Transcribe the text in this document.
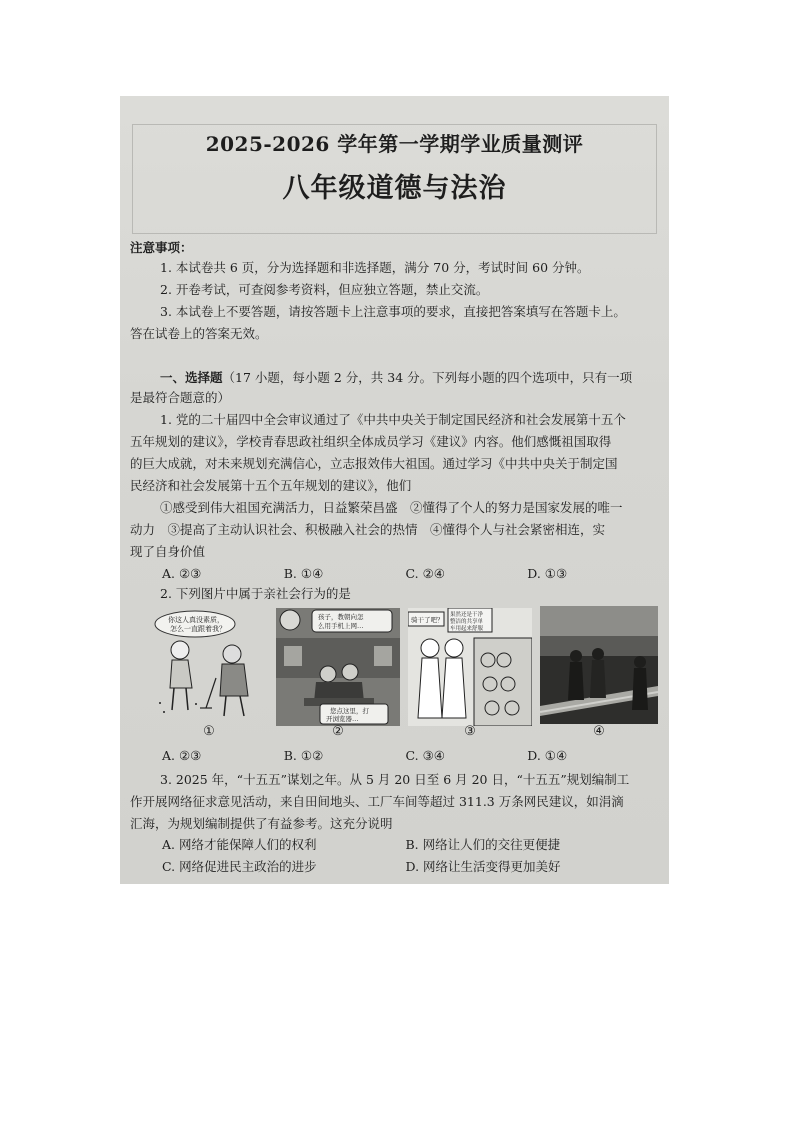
2025-2026 学年第一学期学业质量测评
八年级道德与法治
注意事项：
1. 本试卷共 6 页，分为选择题和非选择题，满分 70 分，考试时间 60 分钟。
2. 开卷考试，可查阅参考资料，但应独立答题，禁止交流。
3. 本试卷上不要答题，请按答题卡上注意事项的要求，直接把答案填写在答题卡上。
答在试卷上的答案无效。
一、选择题（17 小题，每小题 2 分，共 34 分。下列每小题的四个选项中，只有一项
是最符合题意的）
1. 党的二十届四中全会审议通过了《中共中央关于制定国民经济和社会发展第十五个
五年规划的建议》，学校青春思政社组织全体成员学习《建议》内容。他们感慨祖国取得
的巨大成就，对未来规划充满信心，立志报效伟大祖国。通过学习《中共中央关于制定国
民经济和社会发展第十五个五年规划的建议》，他们
①感受到伟大祖国充满活力，日益繁荣昌盛　②懂得了个人的努力是国家发展的唯一
动力　③提高了主动认识社会、积极融入社会的热情　④懂得个人与社会紧密相连，实
现了自身价值
A. ②③	B. ①④	C. ②④	D. ①③
2. 下列图片中属于亲社会行为的是
你这人真没素质，
怎么一直跟着我？
①
孩子，教朝向怎
么用手机上网…
您点这里，打
开浏览器…
②
骑干了吧？
果然还是干净
整洁的共享单
车用起来舒服
③	④
A. ②③	B. ①②	C. ③④	D. ①④
3. 2025 年，“十五五”谋划之年。从 5 月 20 日至 6 月 20 日，“十五五”规划编制工
作开展网络征求意见活动，来自田间地头、工厂车间等超过 311.3 万条网民建议，如涓滴
汇海，为规划编制提供了有益参考。这充分说明
A. 网络才能保障人们的权利	B. 网络让人们的交往更便捷
C. 网络促进民主政治的进步	D. 网络让生活变得更加美好
